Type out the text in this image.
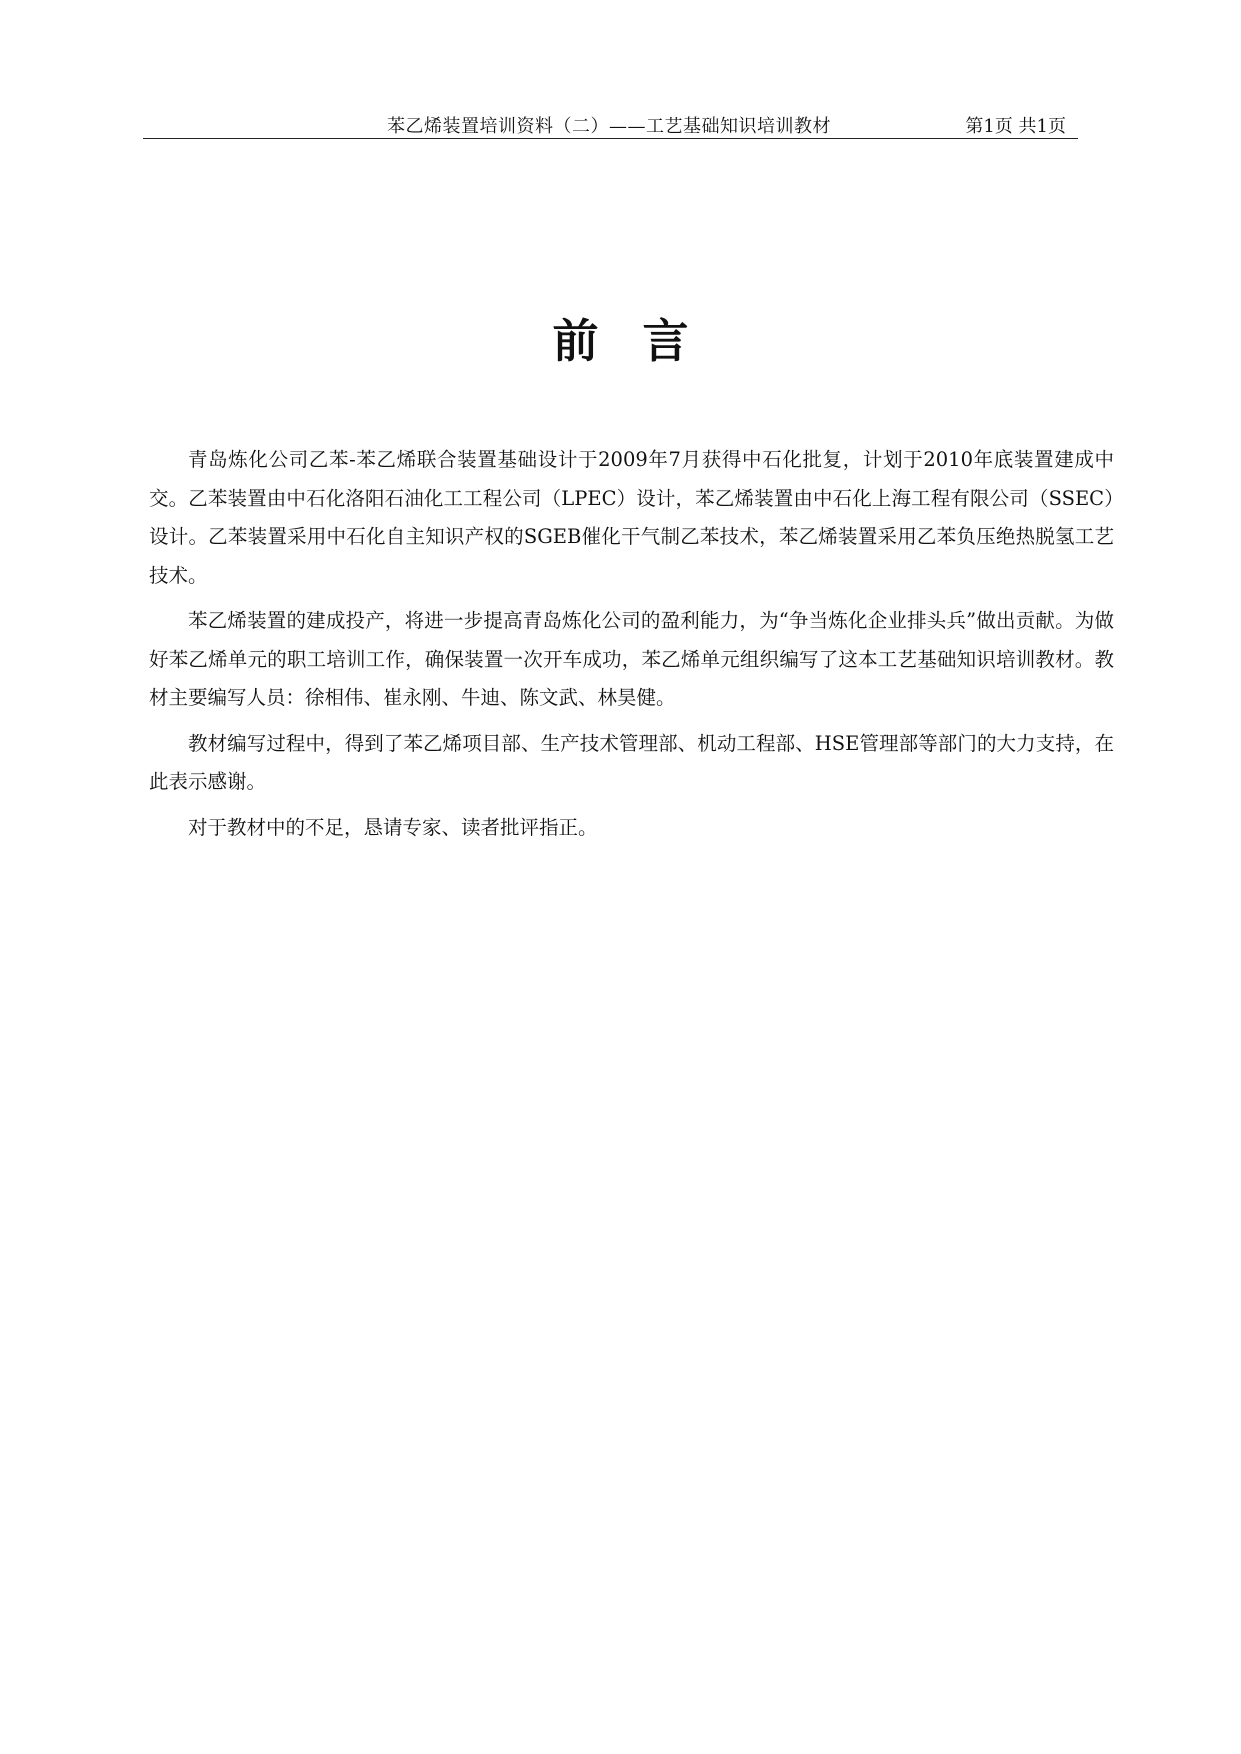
苯乙烯装置培训资料（二）——工艺基础知识培训教材	第1页 共1页
前言

青岛炼化公司乙苯-苯乙烯联合装置基础设计于2009年7月获得中石化批复，计划于2010年底装置建成中交。乙苯装置由中石化洛阳石油化工工程公司（LPEC）设计，苯乙烯装置由中石化上海工程有限公司（SSEC）设计。乙苯装置采用中石化自主知识产权的SGEB催化干气制乙苯技术，苯乙烯装置采用乙苯负压绝热脱氢工艺技术。

苯乙烯装置的建成投产，将进一步提高青岛炼化公司的盈利能力，为“争当炼化企业排头兵”做出贡献。为做好苯乙烯单元的职工培训工作，确保装置一次开车成功，苯乙烯单元组织编写了这本工艺基础知识培训教材。教材主要编写人员：徐相伟、崔永刚、牛迪、陈文武、林昊健。

教材编写过程中，得到了苯乙烯项目部、生产技术管理部、机动工程部、HSE管理部等部门的大力支持，在此表示感谢。

对于教材中的不足，恳请专家、读者批评指正。
